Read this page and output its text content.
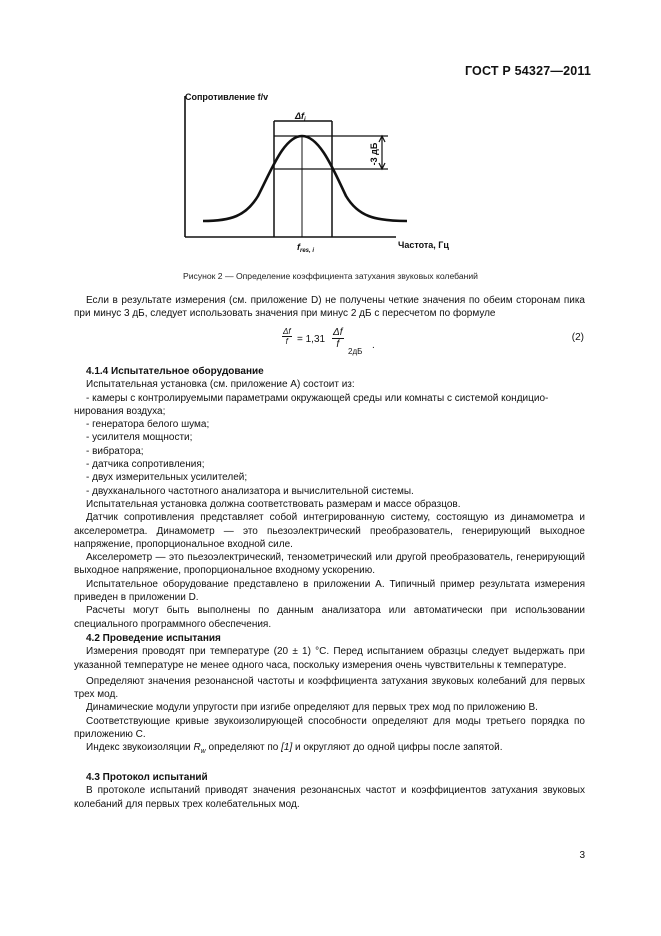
ГОСТ Р 54327—2011
Сопротивление f/v
$\Delta f_i$
-3 дБ
$f_{res, i}$
Частота, Гц
Рисунок 2 — Определение коэффициента затухания звуковых колебаний
Если в результате измерения (см. приложение D) не получены четкие значения по обеим сторонам пика при минус 3 дБ, следует использовать значения при минус 2 дБ с пересчетом по формуле
$\frac{\Delta f}{f} = 1,31 \frac{\Delta f}{f}$
2дБ
.
(2)

4.1.4 Испытательное оборудование

Испытательная установка (см. приложение А) состоит из:

- камеры с контролируемыми параметрами окружающей среды или комнаты с системой кондицио-

нирования воздуха;

- генератора белого шума;

- усилителя мощности;

- вибратора;

- датчика сопротивления;

- двух измерительных усилителей;

- двухканального частотного анализатора и вычислительной системы.

Испытательная установка должна соответствовать размерам и массе образцов.

Датчик сопротивления представляет собой интегрированную систему, состоящую из динамометра и акселерометра. Динамометр — это пьезоэлектрический преобразователь, генерирующий выходное напряжение, пропорциональное входной силе.

Акселерометр — это пьезоэлектрический, тензометрический или другой преобразователь, генерирующий выходное напряжение, пропорциональное входному ускорению.

Испытательное оборудование представлено в приложении А. Типичный пример результата измерения приведен в приложении D.

Расчеты могут быть выполнены по данным анализатора или автоматически при использовании специального программного обеспечения.

4.2 Проведение испытания

Измерения проводят при температуре (20 ± 1) °С. Перед испытанием образцы следует выдержать при указанной температуре не менее одного часа, поскольку измерения очень чувствительны к температуре.

Определяют значения резонансной частоты и коэффициента затухания звуковых колебаний для первых трех мод.

Динамические модули упругости при изгибе определяют для первых трех мод по приложению В.

Соответствующие кривые звукоизолирующей способности определяют для моды третьего порядка по приложению С.

Индекс звукоизоляции $R_w$ определяют по [1] и округляют до одной цифры после запятой.

4.3 Протокол испытаний

В протоколе испытаний приводят значения резонансных частот и коэффициентов затухания звуковых колебаний для первых трех колебательных мод.

3
